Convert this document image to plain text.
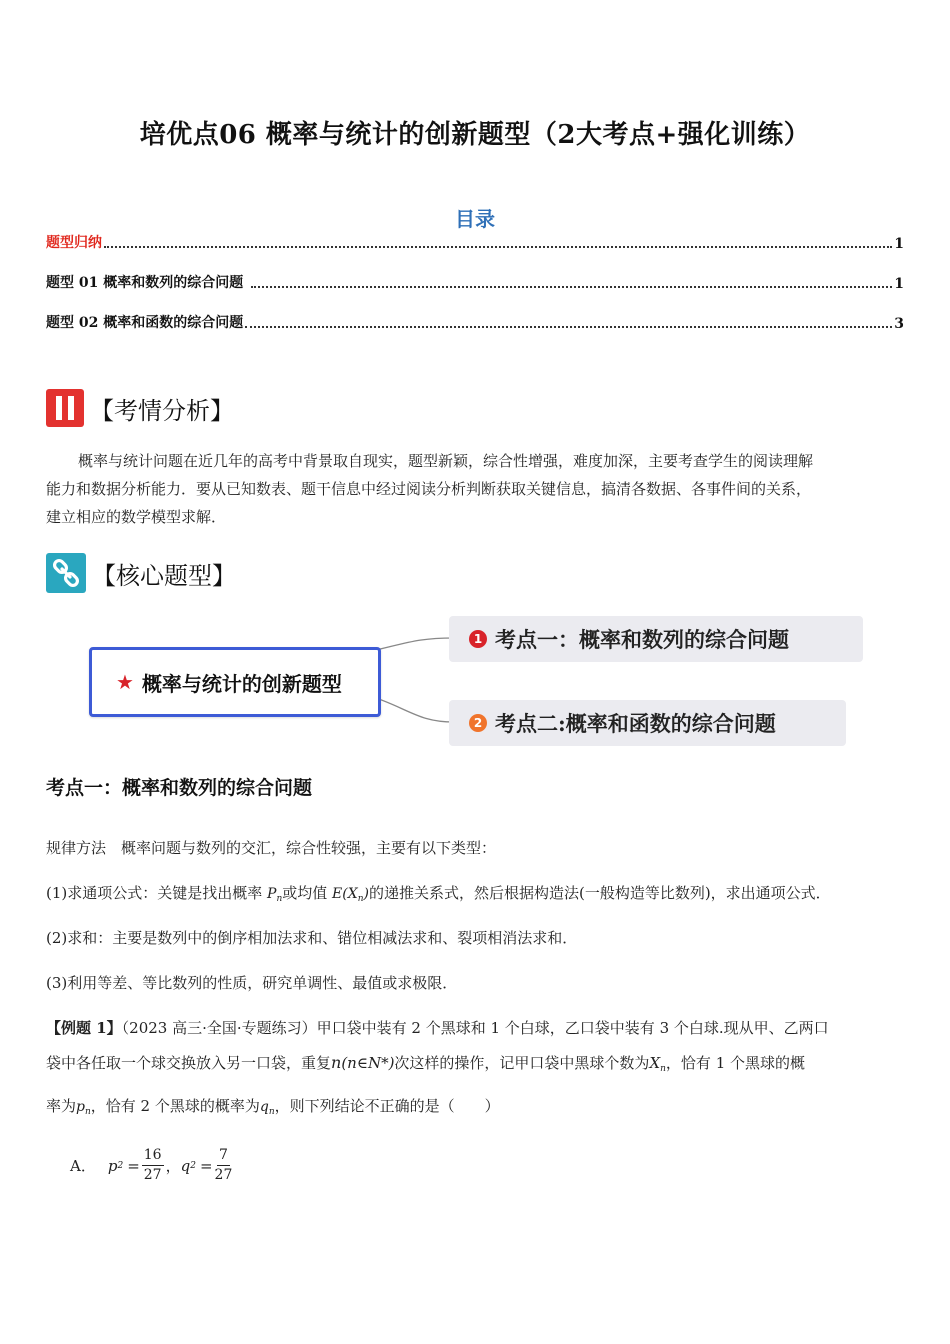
培优点06 概率与统计的创新题型（2大考点+强化训练）
目录
题型归纳	1
题型 01 概率和数列的综合问题	1
题型 02 概率和函数的综合问题	3
【考情分析】
概率与统计问题在近几年的高考中背景取自现实，题型新颖，综合性增强，难度加深，主要考查学生的阅读理解
能力和数据分析能力．要从已知数表、题干信息中经过阅读分析判断获取关键信息，搞清各数据、各事件间的关系，
建立相应的数学模型求解．
【核心题型】
★ 概率与统计的创新题型
1 考点一：概率和数列的综合问题
2 考点二:概率和函数的综合问题
考点一：概率和数列的综合问题
规律方法　概率问题与数列的交汇，综合性较强，主要有以下类型：
(1)求通项公式：关键是找出概率 $P_n$或均值 $E(X_n)$的递推关系式，然后根据构造法(一般构造等比数列)，求出通项公式．
(2)求和：主要是数列中的倒序相加法求和、错位相减法求和、裂项相消法求和．
(3)利用等差、等比数列的性质，研究单调性、最值或求极限．
【例题 1】（2023 高三·全国·专题练习）甲口袋中装有 2 个黑球和 1 个白球，乙口袋中装有 3 个白球.现从甲、乙两口
袋中各任取一个球交换放入另一口袋，重复n(n∈N*)次这样的操作，记甲口袋中黑球个数为$X_n$，恰有 1 个黑球的概
率为$p_n$，恰有 2 个黑球的概率为$q_n$，则下列结论不正确的是（　　）
A． p $2 = \frac{16}{27}$ ， q $2 = \frac{7}{27}$
